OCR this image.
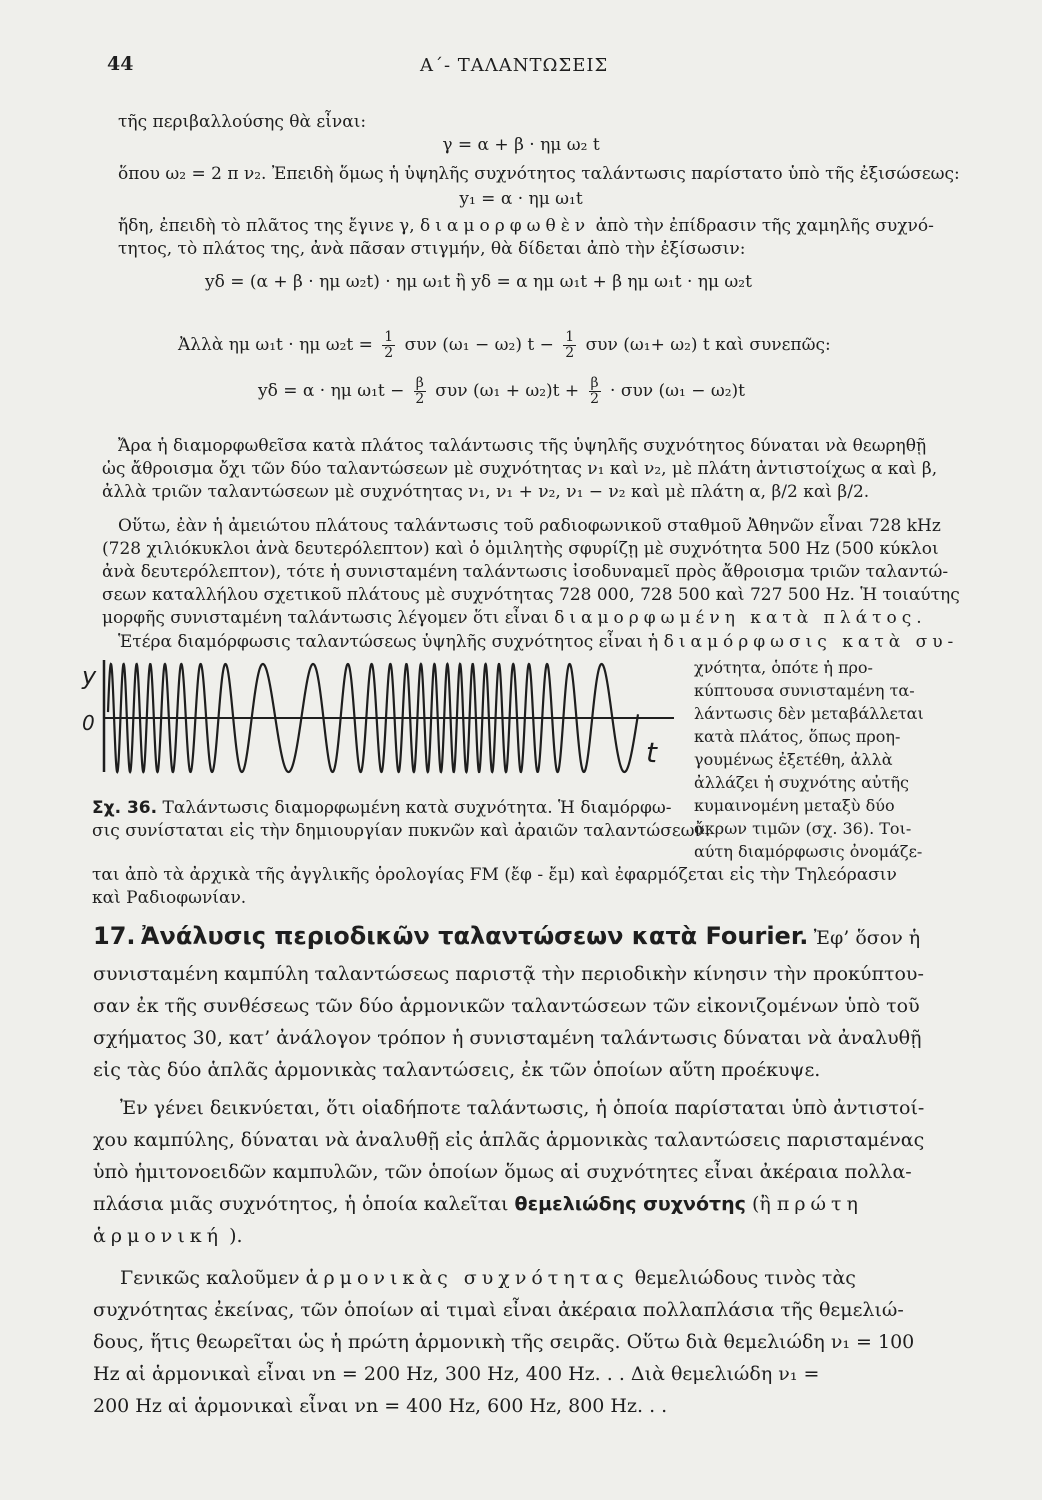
44	Α΄- ΤΑΛΑΝΤΩΣΕΙΣ
τῆς περιβαλλούσης θὰ εἶναι:
γ = α + β · ημ ω₂ t
ὅπου ω₂ = 2 π ν₂. Ἐπειδὴ ὅμως ἡ ὑψηλῆς συχνότητος ταλάντωσις παρίστατο ὑπὸ τῆς ἐξισώσεως:
y₁ = α · ημ ω₁t
ἤδη, ἐπειδὴ τὸ πλᾶτος της ἔγινε γ, διαμορφωθὲν ἀπὸ τὴν ἐπίδρασιν τῆς χαμηλῆς συχνό-
τητος, τὸ πλάτος της, ἀνὰ πᾶσαν στιγμήν, θὰ δίδεται ἀπὸ τὴν ἐξίσωσιν:
yδ = (α + β · ημ ω₂t) · ημ ω₁t ἢ yδ = α ημ ω₁t + β ημ ω₁t · ημ ω₂t
Ἀλλὰ ημ ω₁t · ημ $\omega_2t = \frac{1}{2}$ συν (ω₁ − ω₂) $t - \frac{1}{2}$ συν (ω₁+ ω₂) t καὶ συνεπῶς:
yδ = α · ημ $\omega_1t - \frac{\beta}{2}$ συν $(\omega_1 + \omega_2)t + \frac{\beta}{2} \cdot \sigma\upsilon\nu$ (ω₁ − ω₂)t
Ἄρα ἡ διαμορφωθεῖσα κατὰ πλάτος ταλάντωσις τῆς ὑψηλῆς συχνότητος δύναται νὰ θεωρηθῇ
ὡς ἄθροισμα ὄχι τῶν δύο ταλαντώσεων μὲ συχνότητας ν₁ καὶ ν₂, μὲ πλάτη ἀντιστοίχως α καὶ β,
ἀλλὰ τριῶν ταλαντώσεων μὲ συχνότητας ν₁, ν₁ + ν₂, ν₁ − ν₂ καὶ μὲ πλάτη α, β/2 καὶ β/2.
Οὕτω, ἐὰν ἡ ἀμειώτου πλάτους ταλάντωσις τοῦ ραδιοφωνικοῦ σταθμοῦ Ἀθηνῶν εἶναι 728 kHz
(728 χιλιόκυκλοι ἀνὰ δευτερόλεπτον) καὶ ὁ ὁμιλητὴς σφυρίζῃ μὲ συχνότητα 500 Hz (500 κύκλοι
ἀνὰ δευτερόλεπτον), τότε ἡ συνισταμένη ταλάντωσις ἰσοδυναμεῖ πρὸς ἄθροισμα τριῶν ταλαντώ-
σεων καταλλήλου σχετικοῦ πλάτους μὲ συχνότητας 728 000, 728 500 καὶ 727 500 Hz. Ἡ τοιαύτης
μορφῆς συνισταμένη ταλάντωσις λέγομεν ὅτι εἶναι διαμορφωμένη κατὰ πλάτος.
Ἑτέρα διαμόρφωσις ταλαντώσεως ὑψηλῆς συχνότητος εἶναι ἡ διαμόρφωσις κατὰ συ-
y
0
t
Σχ. 36. Ταλάντωσις διαμορφωμένη κατὰ συχνότητα. Ἡ διαμόρφω-
σις συνίσταται εἰς τὴν δημιουργίαν πυκνῶν καὶ ἀραιῶν ταλαντώσεων.
χνότητα, ὁπότε ἡ προ-
κύπτουσα συνισταμένη τα-
λάντωσις δὲν μεταβάλλεται
κατὰ πλάτος, ὅπως προη-
γουμένως ἐξετέθη, ἀλλὰ
ἀλλάζει ἡ συχνότης αὐτῆς
κυμαινομένη μεταξὺ δύο
ἄκρων τιμῶν (σχ. 36). Τοι-
αύτη διαμόρφωσις ὀνομάζε-
ται ἀπὸ τὰ ἀρχικὰ τῆς ἀγγλικῆς ὁρολογίας FM (ἔφ - ἔμ) καὶ ἐφαρμόζεται εἰς τὴν Τηλεόρασιν
καὶ Ραδιοφωνίαν.
17. Ἀνάλυσις περιοδικῶν ταλαντώσεων κατὰ Fourier. Ἐφ’ ὅσον ἡ
συνισταμένη καμπύλη ταλαντώσεως παριστᾷ τὴν περιοδικὴν κίνησιν τὴν προκύπτου-
σαν ἐκ τῆς συνθέσεως τῶν δύο ἁρμονικῶν ταλαντώσεων τῶν εἰκονιζομένων ὑπὸ τοῦ
σχήματος 30, κατ’ ἀνάλογον τρόπον ἡ συνισταμένη ταλάντωσις δύναται νὰ ἀναλυθῇ
εἰς τὰς δύο ἁπλᾶς ἁρμονικὰς ταλαντώσεις, ἐκ τῶν ὁποίων αὕτη προέκυψε.
Ἐν γένει δεικνύεται, ὅτι οἱαδήποτε ταλάντωσις, ἡ ὁποία παρίσταται ὑπὸ ἀντιστοί-
χου καμπύλης, δύναται νὰ ἀναλυθῇ εἰς ἁπλᾶς ἁρμονικὰς ταλαντώσεις παρισταμένας
ὑπὸ ἡμιτονοειδῶν καμπυλῶν, τῶν ὁποίων ὅμως αἱ συχνότητες εἶναι ἀκέραια πολλα-
πλάσια μιᾶς συχνότητος, ἡ ὁποία καλεῖται θεμελιώδης συχνότης (ἢ πρώτη
ἁρμονική ).
Γενικῶς καλοῦμεν ἁρμονικὰς συχνότητας θεμελιώδους τινὸς τὰς
συχνότητας ἐκείνας, τῶν ὁποίων αἱ τιμαὶ εἶναι ἀκέραια πολλαπλάσια τῆς θεμελιώ-
δους, ἥτις θεωρεῖται ὡς ἡ πρώτη ἁρμονικὴ τῆς σειρᾶς. Οὕτω διὰ θεμελιώδη ν₁ = 100
Hz αἱ ἁρμονικαὶ εἶναι νn = 200 Hz, 300 Hz, 400 Hz. . . Διὰ θεμελιώδη ν₁ =
200 Hz αἱ ἁρμονικαὶ εἶναι νn = 400 Hz, 600 Hz, 800 Hz. . .
